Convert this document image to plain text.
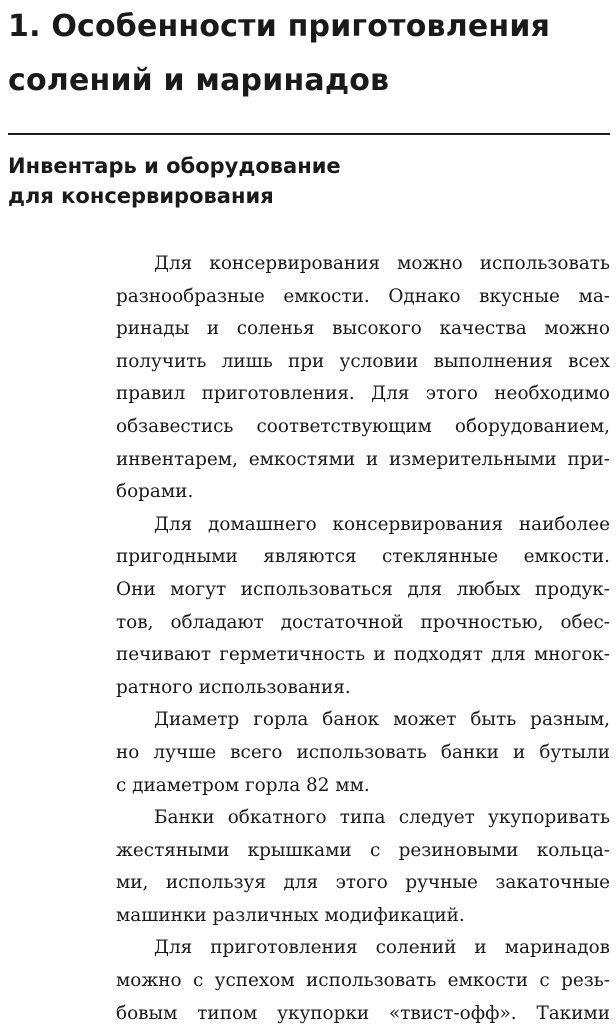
1. Особенности приготовления
солений и маринадов
Инвентарь и оборудование
для консервирования
Для консервирования можно использовать
разнообразные емкости. Однако вкусные ма-
ринады и соленья высокого качества можно
получить лишь при условии выполнения всех
правил приготовления. Для этого необходимо
обзавестись соответствующим оборудованием,
инвентарем, емкостями и измерительными при-
борами.
Для домашнего консервирования наиболее
пригодными являются стеклянные емкости.
Они могут использоваться для любых продук-
тов, обладают достаточной прочностью, обес-
печивают герметичность и подходят для многок-
ратного использования.
Диаметр горла банок может быть разным,
но лучше всего использовать банки и бутыли
с диаметром горла 82 мм.
Банки обкатного типа следует укупоривать
жестяными крышками с резиновыми кольца-
ми, используя для этого ручные закаточные
машинки различных модификаций.
Для приготовления солений и маринадов
можно с успехом использовать емкости с резь-
бовым типом укупорки «твист-офф». Такими
